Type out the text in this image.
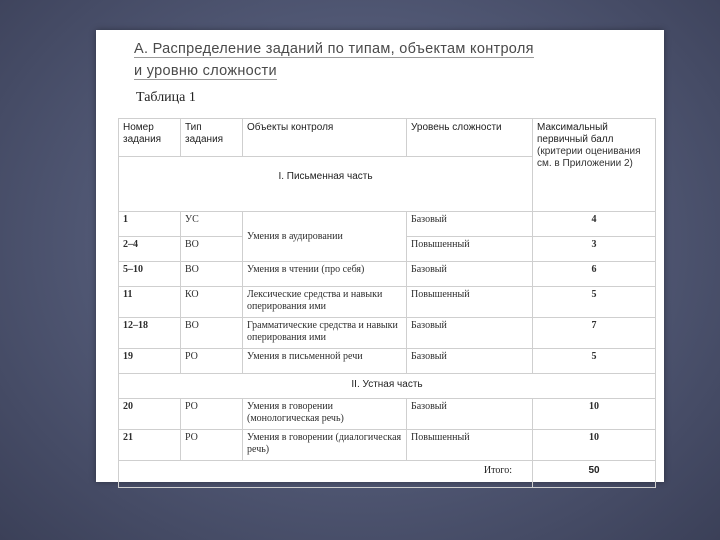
А. Распределение заданий по типам, объектам контроля
и уровню сложности
Таблица 1
Номер задания	Тип задания	Объекты контроля	Уровень сложности	Максимальный первичный балл
(критерии оценивания см. в Приложении 2)

I. Письменная часть				
1	УС	Умения в аудировании	Базовый	4
2–4	ВО		Повышенный	3
5–10	ВО	Умения в чтении (про себя)	Базовый	6
11	КО	Лексические средства и навыки оперирования ими	Повышенный	5
12–18	ВО	Грамматические средства и навыки оперирования ими	Базовый	7
19	РО	Умения в письменной речи	Базовый	5
II. Устная часть				
20	РО	Умения в говорении (монологическая речь)	Базовый	10
21	РО	Умения в говорении (диалогическая речь)	Повышенный	10
Итого:				50
